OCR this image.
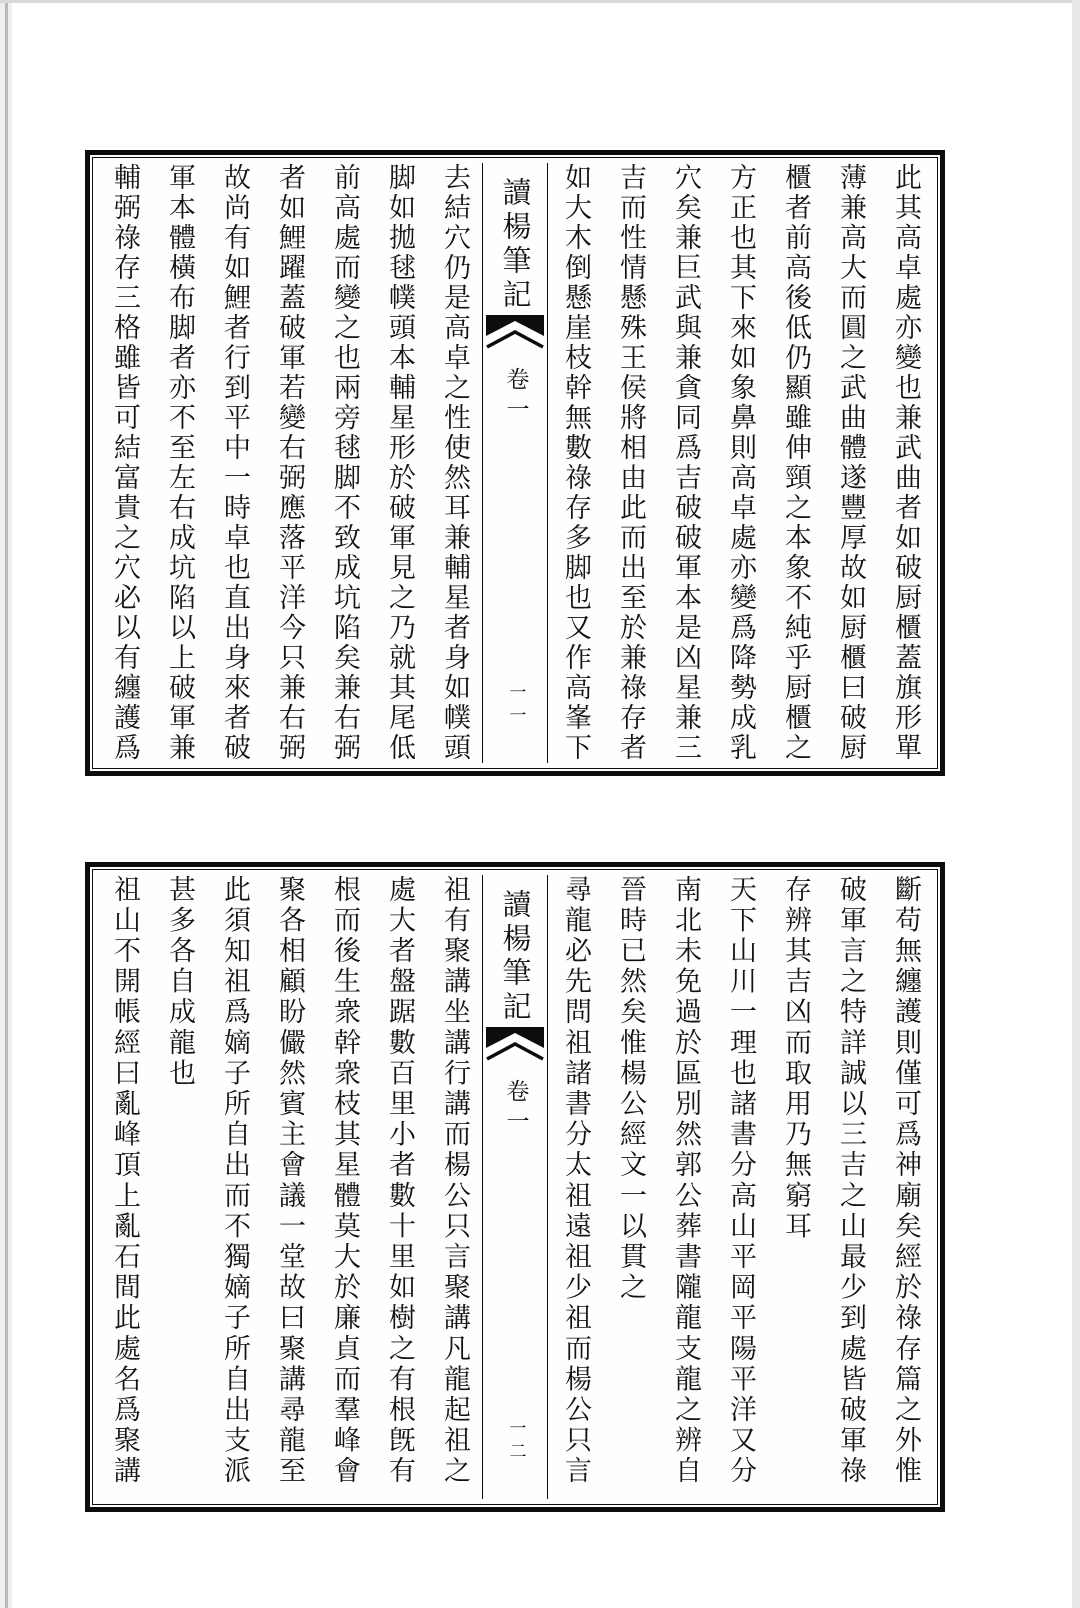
此其高卓處亦變也兼武曲者如破厨櫃蓋旗形單
薄兼高大而圓之武曲體遂豐厚故如厨櫃曰破厨
櫃者前高後低仍顯雖伸頸之本象不純乎厨櫃之
方正也其下來如象鼻則高卓處亦變爲降勢成乳
穴矣兼巨武與兼貪同爲吉破破軍本是凶星兼三
吉而性情懸殊王侯將相由此而出至於兼祿存者
如大木倒懸崖枝幹無數祿存多脚也又作高峯下
讀楊筆記
卷一
一一
去結穴仍是高卓之性使然耳兼輔星者身如幞頭
脚如拋毬幞頭本輔星形於破軍見之乃就其尾低
前高處而變之也兩旁毬脚不致成坑陷矣兼右弼
者如鯉躍蓋破軍若變右弼應落平洋今只兼右弼
故尚有如鯉者行到平中一時卓也直出身來者破
軍本體橫布脚者亦不至左右成坑陷以上破軍兼
輔弼祿存三格雖皆可結富貴之穴必以有纏護爲
斷苟無纏護則僅可爲神廟矣經於祿存篇之外惟
破軍言之特詳誠以三吉之山最少到處皆破軍祿
存辨其吉凶而取用乃無窮耳
天下山川一理也諸書分高山平岡平陽平洋又分
南北未免過於區別然郭公葬書隴龍支龍之辨自
晉時已然矣惟楊公經文一以貫之
尋龍必先問祖諸書分太祖遠祖少祖而楊公只言
讀楊筆記
卷一
一二
祖有聚講坐講行講而楊公只言聚講凡龍起祖之
處大者盤踞數百里小者數十里如樹之有根旣有
根而後生衆幹衆枝其星體莫大於廉貞而羣峰會
聚各相顧盼儼然賓主會議一堂故曰聚講尋龍至
此須知祖爲嫡子所自出而不獨嫡子所自出支派
甚多各自成龍也
祖山不開帳經曰亂峰頂上亂石間此處名爲聚講
